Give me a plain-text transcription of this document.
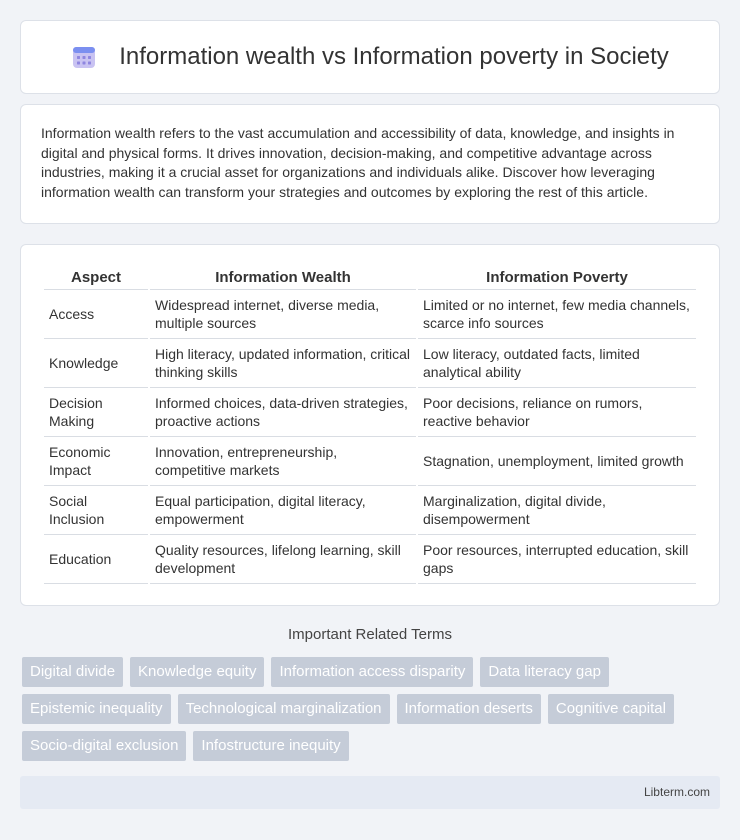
Information wealth vs Information poverty in Society

Information wealth refers to the vast accumulation and accessibility of data, knowledge, and insights in digital and physical forms. It drives innovation, decision-making, and competitive advantage across industries, making it a crucial asset for organizations and individuals alike. Discover how leveraging information wealth can transform your strategies and outcomes by exploring the rest of this article.

Aspect	Information Wealth	Information Poverty
Access	Widespread internet, diverse media, multiple sources	Limited or no internet, few media channels, scarce info sources
Knowledge	High literacy, updated information, critical thinking skills	Low literacy, outdated facts, limited analytical ability
Decision Making	Informed choices, data-driven strategies, proactive actions	Poor decisions, reliance on rumors, reactive behavior
Economic Impact	Innovation, entrepreneurship, competitive markets	Stagnation, unemployment, limited growth
Social Inclusion	Equal participation, digital literacy, empowerment	Marginalization, digital divide, disempowerment
Education	Quality resources, lifelong learning, skill development	Poor resources, interrupted education, skill gaps
Important Related Terms
Digital divide	Knowledge equity	Information access disparity	Data literacy gap
Epistemic inequality	Technological marginalization	Information deserts	Cognitive capital
Socio-digital exclusion	Infostructure inequity
Libterm.com
